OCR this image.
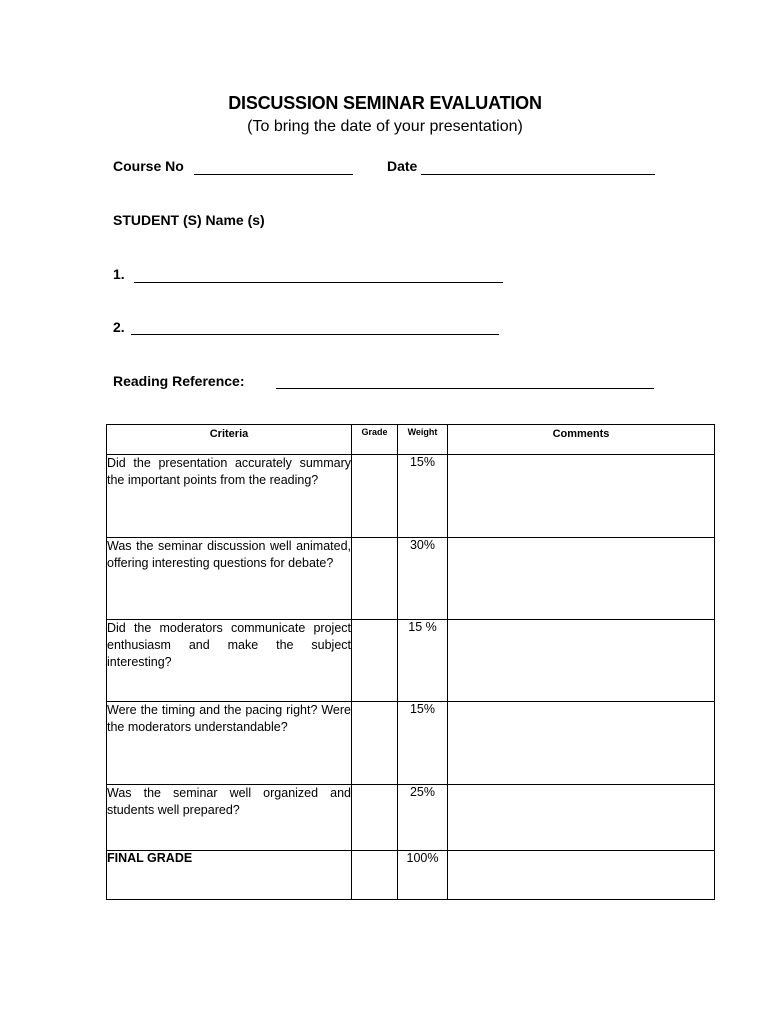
DISCUSSION SEMINAR EVALUATION
(To bring the date of your presentation)
Course No	Date
STUDENT (S) Name (s)
1.
2.
Reading Reference:
Criteria	Grade	Weight	Comments

Did the presentation accurately summary the important points from the reading?		15%	

Was the seminar discussion well animated, offering interesting questions for debate?		30%	

Did the moderators communicate project enthusiasm and make the subject interesting?		15 %	

Were the timing and the pacing right? Were the moderators understandable?		15%	

Was the seminar well organized and students well prepared?		25%	
FINAL GRADE		100%	
